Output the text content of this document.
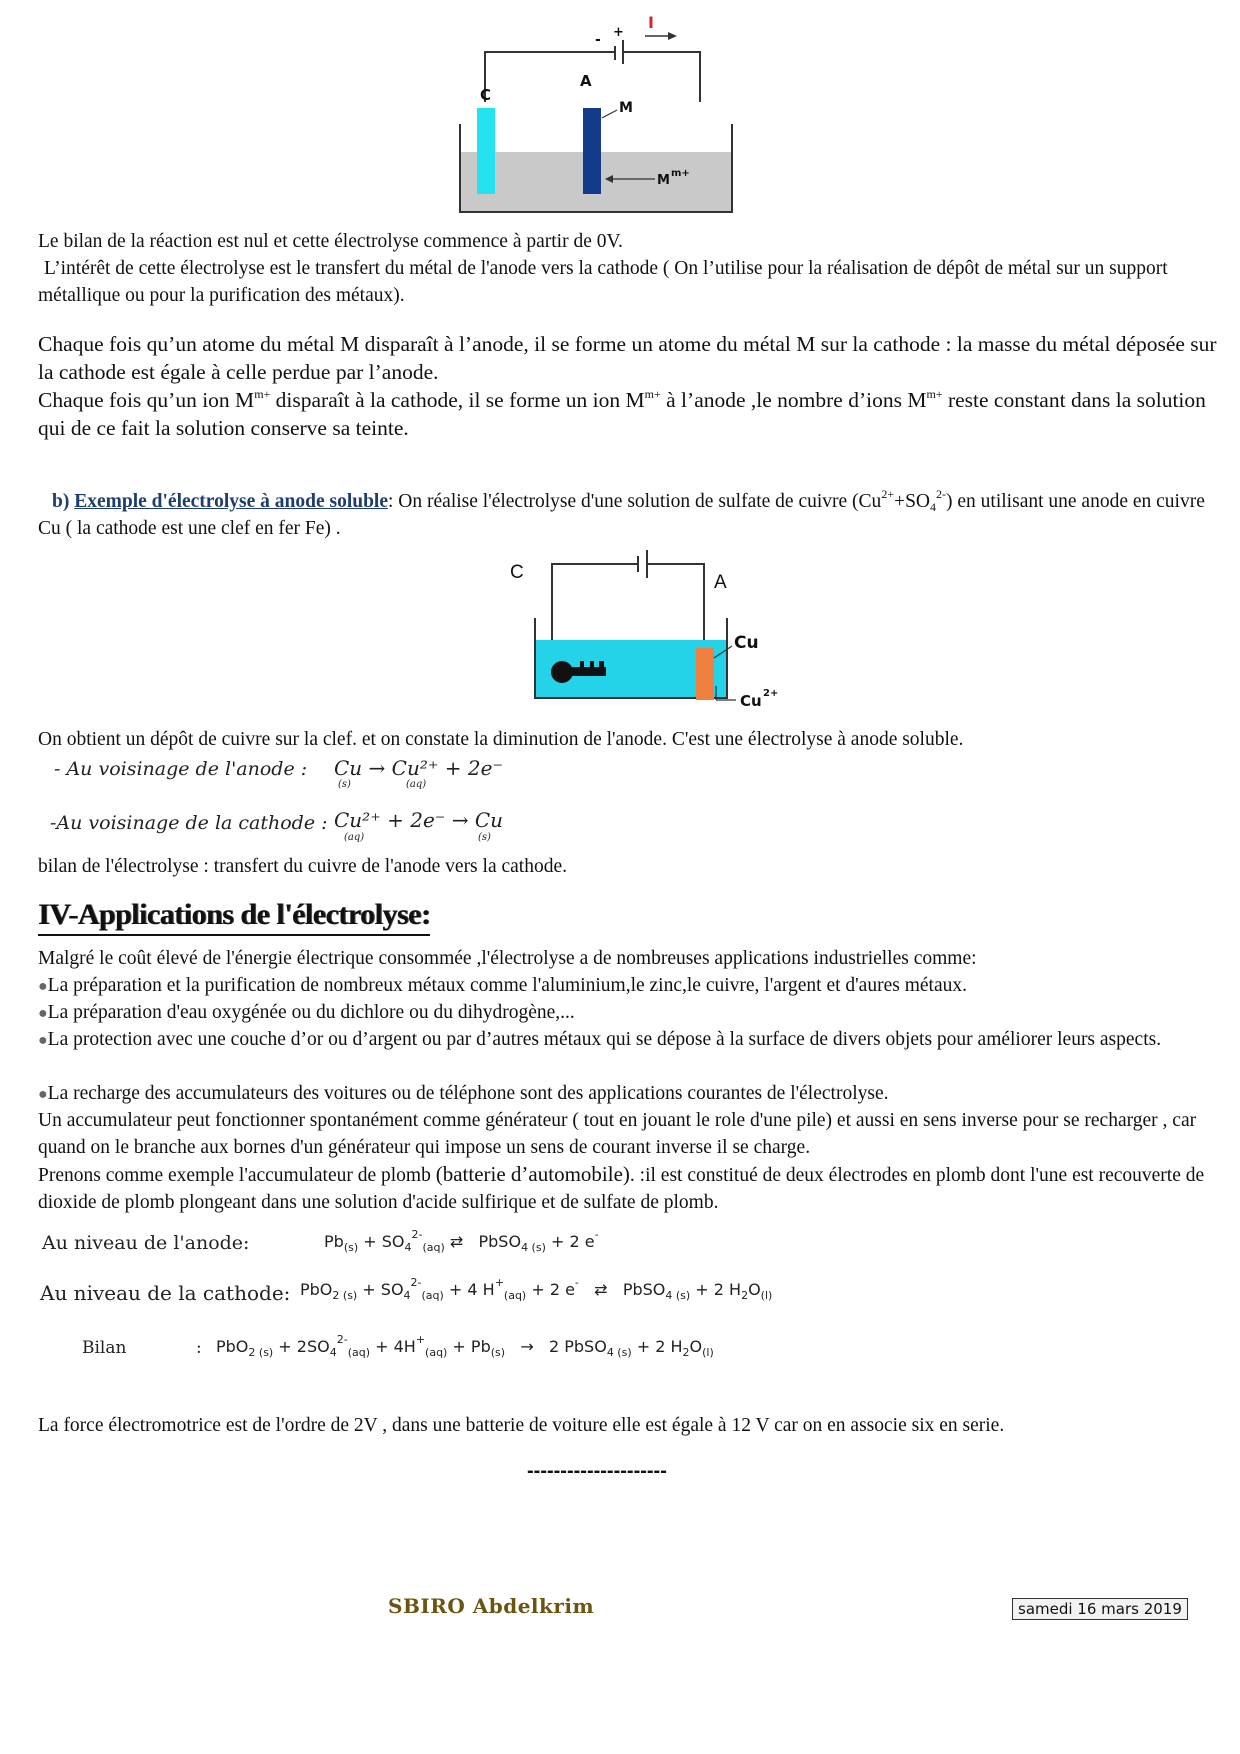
- +
I
C
A
M
M m+

Le bilan de la réaction est nul et cette électrolyse commence à partir de 0V.

L’intérêt de cette électrolyse est le transfert du métal de l'anode vers la cathode ( On l’utilise pour la réalisation de dépôt de métal sur un support métallique ou pour la purification des métaux).

Chaque fois qu’un atome du métal M disparaît à l’anode, il se forme un atome du métal M sur la cathode : la masse du métal déposée sur la cathode est égale à celle perdue par l’anode.

Chaque fois qu’un ion $M^{m+}$ disparaît à la cathode, il se forme un ion $M^{m+}$ à l’anode ,le nombre d’ions $M^{m+}$ reste constant dans la solution qui de ce fait la solution conserve sa teinte.

b) Exemple d'électrolyse à anode soluble: On réalise l'électrolyse d'une solution de sulfate de cuivre $(Cu^{2+}+SO_4^{2-})$ en utilisant une anode en cuivre Cu ( la cathode est une clef en fer Fe) .

C	A
Cu
Cu 2+

On obtient un dépôt de cuivre sur la clef. et on constate la diminution de l'anode. C'est une électrolyse à anode soluble.

- Au voisinage de l'anode : Cu → Cu²⁺ + 2e⁻
(s)	(aq)
-Au voisinage de la cathode : Cu²⁺ + 2e⁻ → Cu
(aq)	(s)

bilan de l'électrolyse : transfert du cuivre de l'anode vers la cathode.

IV-Applications de l'électrolyse:

Malgré le coût élevé de l'énergie électrique consommée ,l'électrolyse a de nombreuses applications industrielles comme:

●La préparation et la purification de nombreux métaux comme l'aluminium,le zinc,le cuivre, l'argent et d'aures métaux.

●La préparation d'eau oxygénée ou du dichlore ou du dihydrogène,...

●La protection avec une couche d’or ou d’argent ou par d’autres métaux qui se dépose à la surface de divers objets pour améliorer leurs aspects.

●La recharge des accumulateurs des voitures ou de téléphone sont des applications courantes de l'électrolyse.

Un accumulateur peut fonctionner spontanément comme générateur ( tout en jouant le role d'une pile) et aussi en sens inverse pour se recharger , car quand on le branche aux bornes d'un générateur qui impose un sens de courant inverse il se charge.

Prenons comme exemple l'accumulateur de plomb (batterie d’automobile). :il est constitué de deux électrodes en plomb dont l'une est recouverte de dioxide de plomb plongeant dans une solution d'acide sulfirique et de sulfate de plomb.

Au niveau de l'anode:	$Pb_{(s)} + SO_4^{2-}_{(aq)}$ ⇄   PbSO$_{4 (s)}$ + 2 e-
Au niveau de la cathode: $PbO_{2 (s)} + SO_4^{2-}_{(aq)} + 4$ $H^+_{(aq)} + 2$ e-   ⇄   PbSO$_{4 (s)}$ + 2 $H_2O_{(l)}$
Bilan	: $PbO_{2 (s)} + 2SO_4^{2-}_{(aq)} + 4H^+_{(aq)} + Pb_{(s)} \to 2$ PbSO$_{4 (s)}$ + 2 $H_2O_{(l)}$

La force électromotrice est de l'ordre de 2V , dans une batterie de voiture elle est égale à 12 V car on en associe six en serie.

---------------------
SBIRO Abdelkrim	samedi 16 mars 2019
